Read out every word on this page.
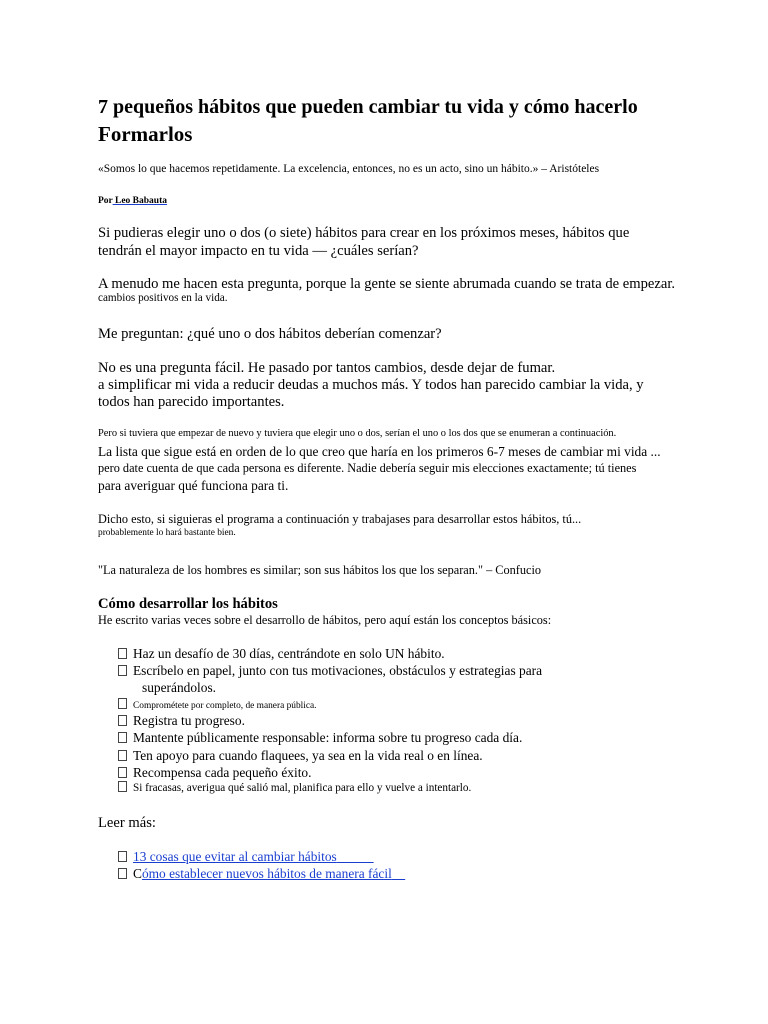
7 pequeños hábitos que pueden cambiar tu vida y cómo hacerlo
Formarlos
«Somos lo que hacemos repetidamente. La excelencia, entonces, no es un acto, sino un hábito.» – Aristóteles
Por Leo Babauta
Si pudieras elegir uno o dos (o siete) hábitos para crear en los próximos meses, hábitos que
tendrán el mayor impacto en tu vida — ¿cuáles serían?
A menudo me hacen esta pregunta, porque la gente se siente abrumada cuando se trata de empezar.
cambios positivos en la vida.
Me preguntan: ¿qué uno o dos hábitos deberían comenzar?
No es una pregunta fácil. He pasado por tantos cambios, desde dejar de fumar.
a simplificar mi vida a reducir deudas a muchos más. Y todos han parecido cambiar la vida, y
todos han parecido importantes.
Pero si tuviera que empezar de nuevo y tuviera que elegir uno o dos, serían el uno o los dos que se enumeran a continuación.
La lista que sigue está en orden de lo que creo que haría en los primeros 6-7 meses de cambiar mi vida ...
pero date cuenta de que cada persona es diferente. Nadie debería seguir mis elecciones exactamente; tú tienes
para averiguar qué funciona para ti.
Dicho esto, si siguieras el programa a continuación y trabajases para desarrollar estos hábitos, tú...
probablemente lo hará bastante bien.
"La naturaleza de los hombres es similar; son sus hábitos los que los separan." – Confucio
Cómo desarrollar los hábitos
He escrito varias veces sobre el desarrollo de hábitos, pero aquí están los conceptos básicos:
Haz un desafío de 30 días, centrándote en solo UN hábito.
Escríbelo en papel, junto con tus motivaciones, obstáculos y estrategias para
superándolos.
Comprométete por completo, de manera pública.
Registra tu progreso.
Mantente públicamente responsable: informa sobre tu progreso cada día.
Ten apoyo para cuando flaquees, ya sea en la vida real o en línea.
Recompensa cada pequeño éxito.
Si fracasas, averigua qué salió mal, planifica para ello y vuelve a intentarlo.
Leer más:
13 cosas que evitar al cambiar hábitos
Cómo establecer nuevos hábitos de manera fácil
